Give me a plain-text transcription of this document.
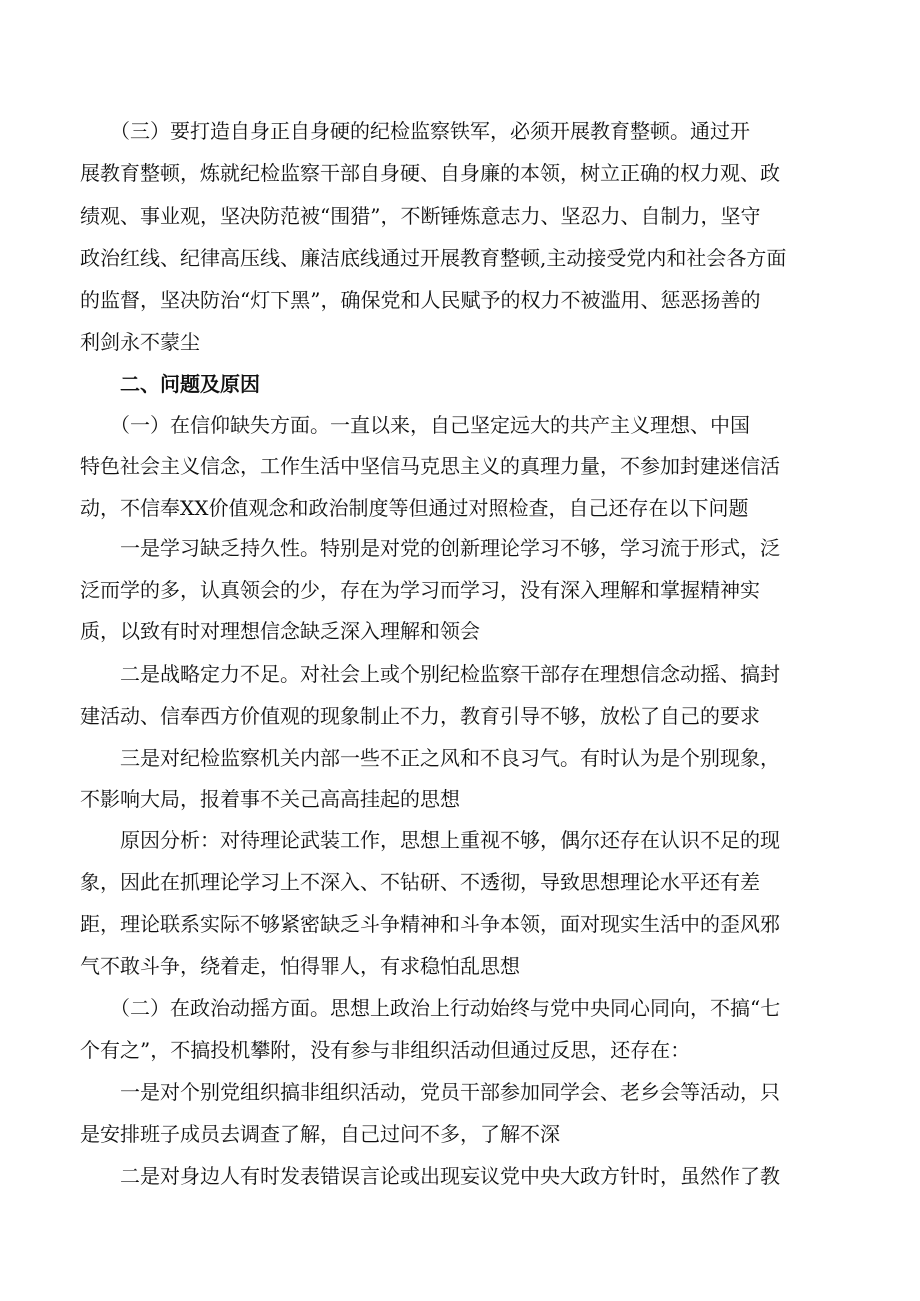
　　（三）要打造自身正自身硬的纪检监察铁军，必须开展教育整顿。通过开
展教育整顿，炼就纪检监察干部自身硬、自身廉的本领，树立正确的权力观、政
绩观、事业观，坚决防范被“围猎”，不断锤炼意志力、坚忍力、自制力，坚守
政治红线、纪律高压线、廉洁底线通过开展教育整顿,主动接受党内和社会各方面
的监督，坚决防治“灯下黑”，确保党和人民赋予的权力不被滥用、惩恶扬善的
利剑永不蒙尘
　　二、问题及原因
　　（一）在信仰缺失方面。一直以来，自己坚定远大的共产主义理想、中国
特色社会主义信念，工作生活中坚信马克思主义的真理力量，不参加封建迷信活
动，不信奉XX价值观念和政治制度等但通过对照检查，自己还存在以下问题
　　一是学习缺乏持久性。特别是对党的创新理论学习不够，学习流于形式，泛
泛而学的多，认真领会的少，存在为学习而学习，没有深入理解和掌握精神实
质，以致有时对理想信念缺乏深入理解和领会
　　二是战略定力不足。对社会上或个别纪检监察干部存在理想信念动摇、搞封
建活动、信奉西方价值观的现象制止不力，教育引导不够，放松了自己的要求
　　三是对纪检监察机关内部一些不正之风和不良习气。有时认为是个别现象，
不影响大局，报着事不关己高高挂起的思想
　　原因分析：对待理论武装工作，思想上重视不够，偶尔还存在认识不足的现
象，因此在抓理论学习上不深入、不钻研、不透彻，导致思想理论水平还有差
距，理论联系实际不够紧密缺乏斗争精神和斗争本领，面对现实生活中的歪风邪
气不敢斗争，绕着走，怕得罪人，有求稳怕乱思想
　　（二）在政治动摇方面。思想上政治上行动始终与党中央同心同向，不搞“七
个有之”，不搞投机攀附，没有参与非组织活动但通过反思，还存在：
　　一是对个别党组织搞非组织活动，党员干部参加同学会、老乡会等活动，只
是安排班子成员去调查了解，自己过问不多，了解不深
　　二是对身边人有时发表错误言论或出现妄议党中央大政方针时，虽然作了教
